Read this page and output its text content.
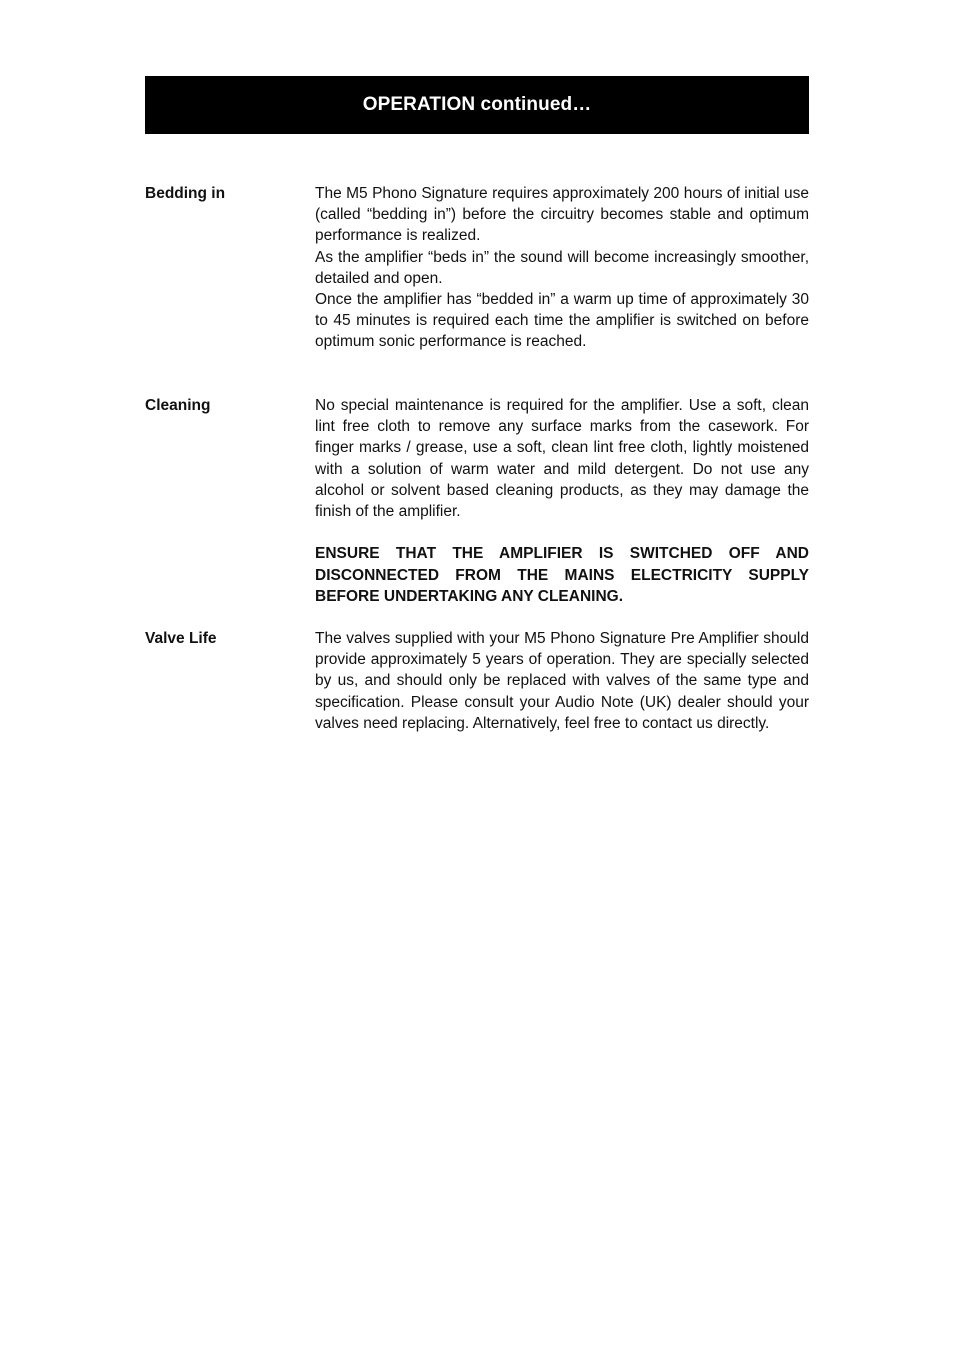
OPERATION continued…
Bedding in	The M5 Phono Signature requires approximately 200 hours of initial use (called “bedding in”) before the circuitry becomes stable and optimum performance is realized.

As the amplifier “beds in” the sound will become increasingly smoother, detailed and open.

Once the amplifier has “bedded in” a warm up time of approximately 30 to 45 minutes is required each time the amplifier is switched on before optimum sonic performance is reached.

Cleaning	No special maintenance is required for the amplifier. Use a soft, clean lint free cloth to remove any surface marks from the casework. For finger marks / grease, use a soft, clean lint free cloth, lightly moistened with a solution of warm water and mild detergent. Do not use any alcohol or solvent based cleaning products, as they may damage the finish of the amplifier.

ENSURE THAT THE AMPLIFIER IS SWITCHED OFF AND DISCONNECTED FROM THE MAINS ELECTRICITY SUPPLY BEFORE UNDERTAKING ANY CLEANING.

Valve Life	The valves supplied with your M5 Phono Signature Pre Amplifier should provide approximately 5 years of operation. They are specially selected by us, and should only be replaced with valves of the same type and specification. Please consult your Audio Note (UK) dealer should your valves need replacing. Alternatively, feel free to contact us directly.
